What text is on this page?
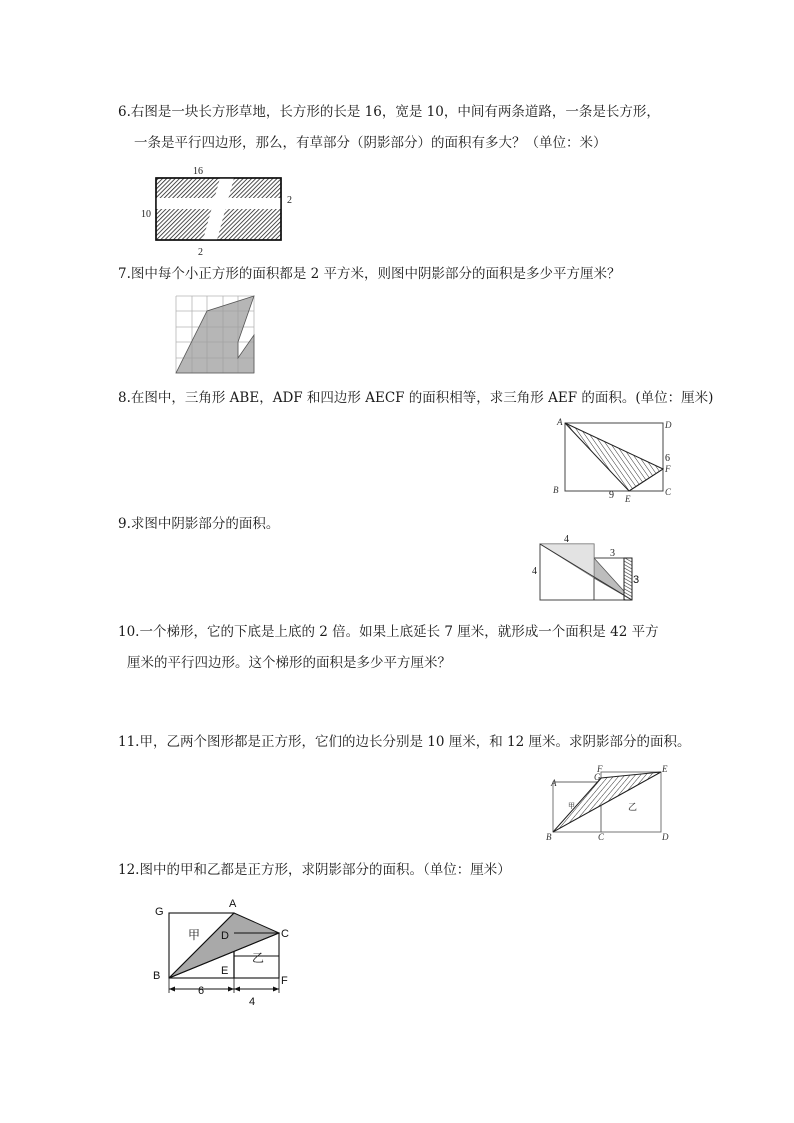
6.右图是一块长方形草地，长方形的长是 16，宽是 10，中间有两条道路，一条是长方形，
一条是平行四边形，那么，有草部分（阴影部分）的面积有多大？（单位：米）
16
10
2
2
7.图中每个小正方形的面积都是 2 平方米，则图中阴影部分的面积是多少平方厘米？
8.在图中，三角形 ABE，ADF 和四边形 AECF 的面积相等，求三角形 AEF 的面积。(单位：厘米)
A	D
B	C
E
F
9
6
9.求图中阴影部分的面积。
4
4
3
3
10.一个梯形，它的下底是上底的 2 倍。如果上底延长 7 厘米，就形成一个面积是 42 平方
厘米的平行四边形。这个梯形的面积是多少平方厘米？
11.甲，乙两个图形都是正方形，它们的边长分别是 10 厘米，和 12 厘米。求阴影部分的面积。
A
B	C	D
E
F
G
甲	乙
12.图中的甲和乙都是正方形，求阴影部分的面积。（单位：厘米）
G
A
C
D
B	E
F
甲
乙
6
4
